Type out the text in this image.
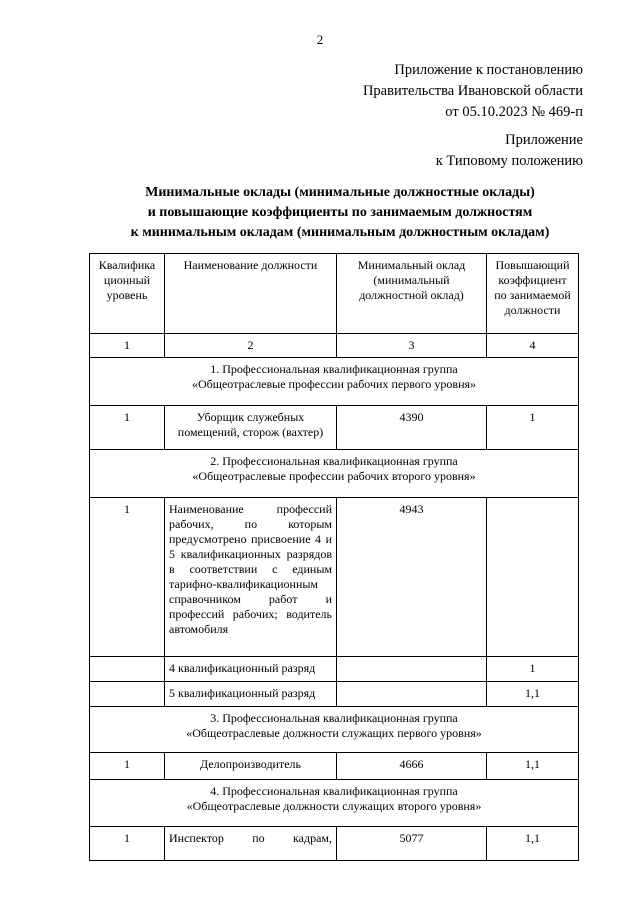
2
Приложение к постановлению
Правительства Ивановской области
от 05.10.2023 № 469-п
Приложение
к Типовому положению
Минимальные оклады (минимальные должностные оклады)
и повышающие коэффициенты по занимаемым должностям
к минимальным окладам (минимальным должностным окладам)
Квалифика ционный уровень	Наименование должности	Минимальный оклад (минимальный должностной оклад)	Повышающий коэффициент по занимаемой должности
1	2	3	4

1. Профессиональная квалификационная группа
«Общеотраслевые профессии рабочих первого уровня»			

1	Уборщик служебных помещений, сторож (вахтер)	4390	1

2. Профессиональная квалификационная группа
«Общеотраслевые профессии рабочих второго уровня»			

1	Наименование профессий рабочих, по которым предусмотрено присвоение 4 и 5 квалификационных разрядов в соответствии с единым тарифно-квалификационным справочником работ и профессий рабочих; водитель автомобиля	4943	
	4 квалификационный разряд		1
	5 квалификационный разряд		1,1

3. Профессиональная квалификационная группа
«Общеотраслевые должности служащих первого уровня»			

1	Делопроизводитель	4666	1,1

4. Профессиональная квалификационная группа
«Общеотраслевые должности служащих второго уровня»			

1	Инспектор по кадрам,	5077	1,1
